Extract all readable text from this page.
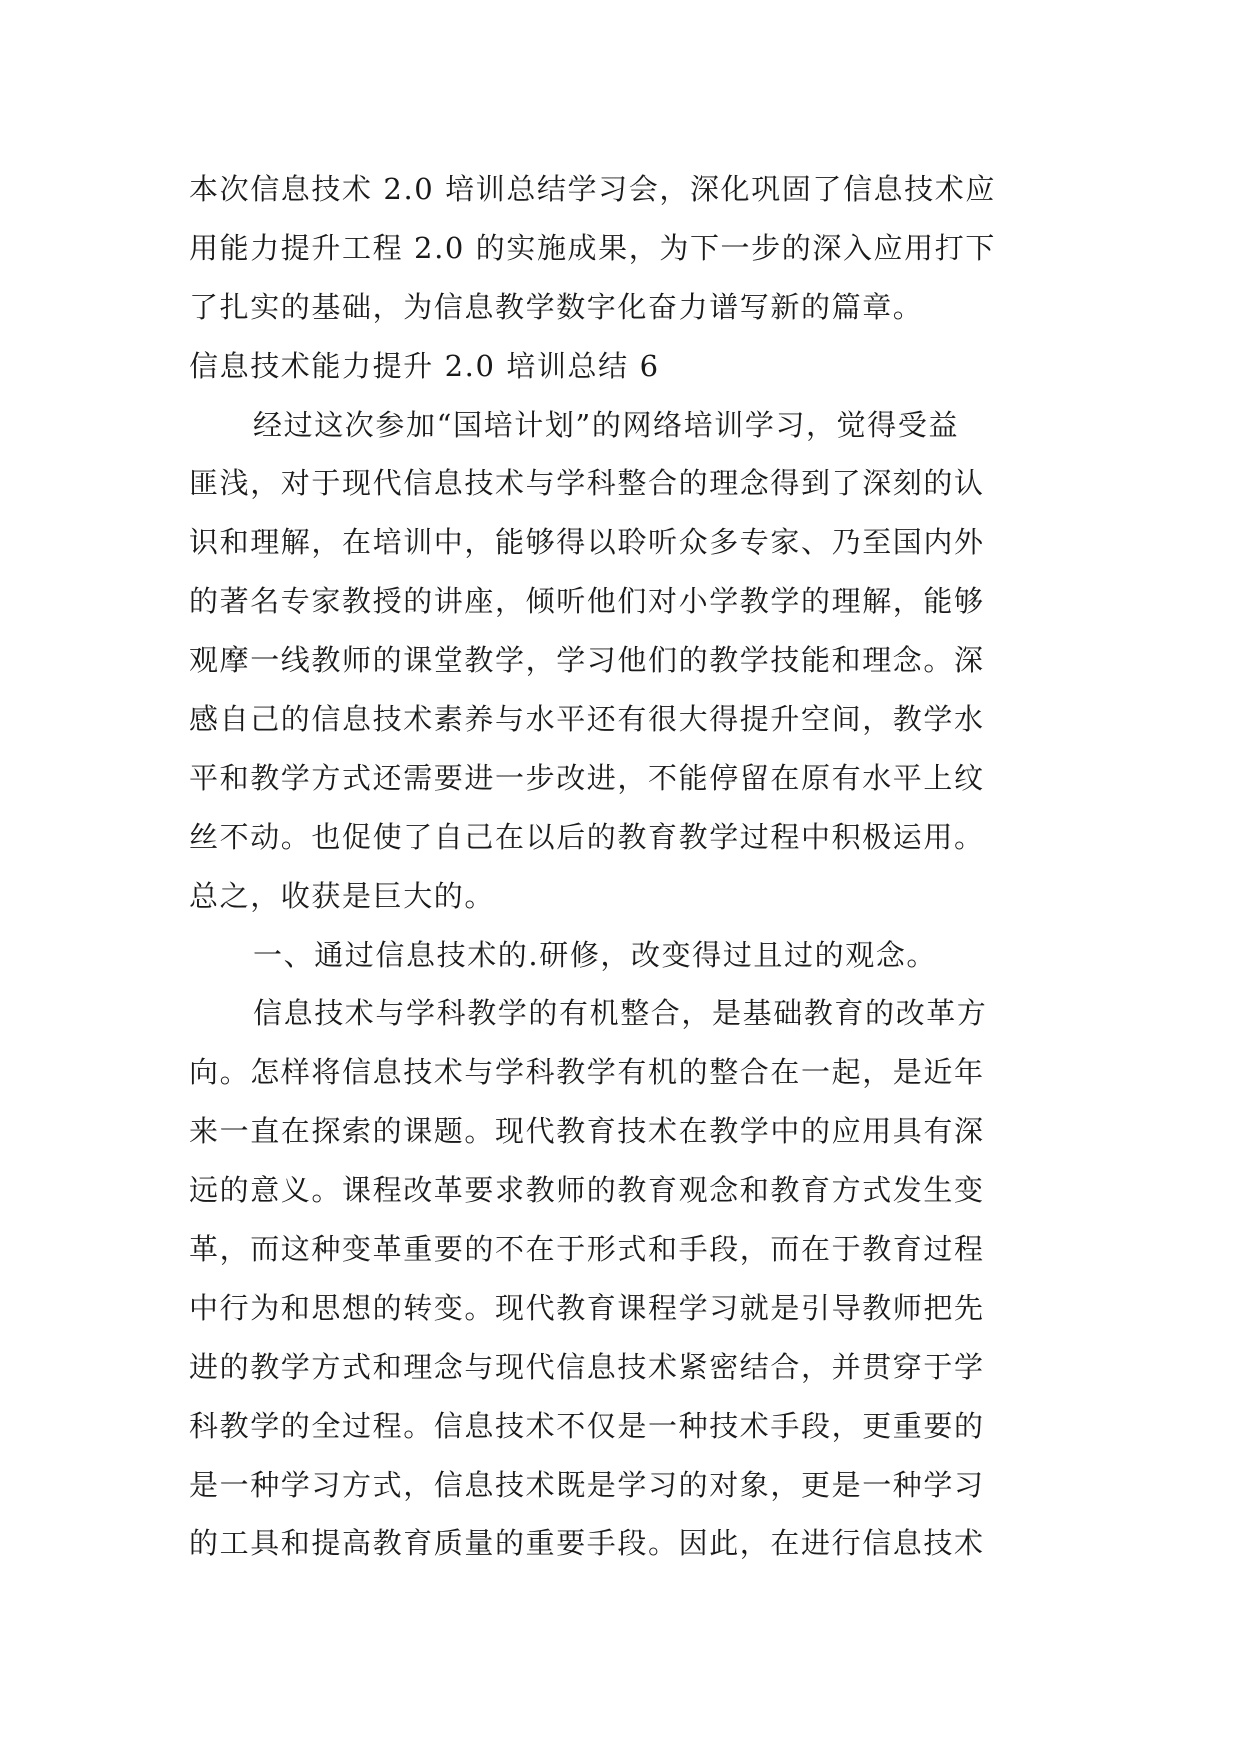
本次信息技术 2.0 培训总结学习会，深化巩固了信息技术应
用能力提升工程 2.0 的实施成果，为下一步的深入应用打下
了扎实的基础，为信息教学数字化奋力谱写新的篇章。
信息技术能力提升 2.0 培训总结 6
经过这次参加“国培计划”的网络培训学习，觉得受益
匪浅，对于现代信息技术与学科整合的理念得到了深刻的认
识和理解，在培训中，能够得以聆听众多专家、乃至国内外
的著名专家教授的讲座，倾听他们对小学教学的理解，能够
观摩一线教师的课堂教学，学习他们的教学技能和理念。深
感自己的信息技术素养与水平还有很大得提升空间，教学水
平和教学方式还需要进一步改进，不能停留在原有水平上纹
丝不动。也促使了自己在以后的教育教学过程中积极运用。
总之，收获是巨大的。
一、通过信息技术的.研修，改变得过且过的观念。
信息技术与学科教学的有机整合，是基础教育的改革方
向。怎样将信息技术与学科教学有机的整合在一起，是近年
来一直在探索的课题。现代教育技术在教学中的应用具有深
远的意义。课程改革要求教师的教育观念和教育方式发生变
革，而这种变革重要的不在于形式和手段，而在于教育过程
中行为和思想的转变。现代教育课程学习就是引导教师把先
进的教学方式和理念与现代信息技术紧密结合，并贯穿于学
科教学的全过程。信息技术不仅是一种技术手段，更重要的
是一种学习方式，信息技术既是学习的对象，更是一种学习
的工具和提高教育质量的重要手段。因此，在进行信息技术
